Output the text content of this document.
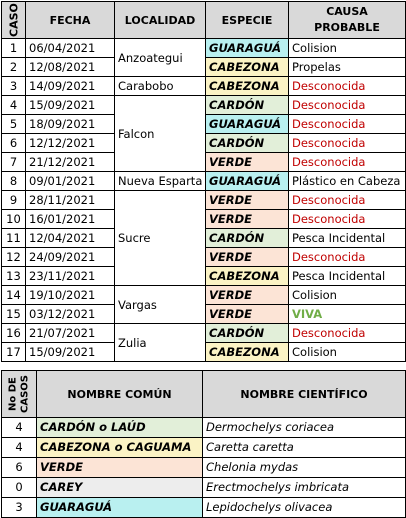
CASO	FECHA	LOCALIDAD	ESPECIE	CAUSA PROBABLE
1	06/04/2021	Anzoategui	GUARAGUÁ	Colision
2	12/08/2021		CABEZONA	Propelas
3	14/09/2021	Carabobo	CABEZONA	Desconocida
4	15/09/2021	Falcon	CARDÓN	Desconocida
5	18/09/2021		GUARAGUÁ	Desconocida
6	12/12/2021		CARDÓN	Desconocida
7	21/12/2021		VERDE	Desconocida
8	09/01/2021	Nueva Esparta	GUARAGUÁ	Plástico en Cabeza
9	28/11/2021	Sucre	VERDE	Desconocida
10	16/01/2021		VERDE	Desconocida
11	12/04/2021		CARDÓN	Pesca Incidental
12	24/09/2021		VERDE	Desconocida
13	23/11/2021		CABEZONA	Pesca Incidental
14	19/10/2021	Vargas	VERDE	Colision
15	03/12/2021		VERDE	VIVA
16	21/07/2021	Zulia	CARDÓN	Desconocida
17	15/09/2021		CABEZONA	Colision
No DE CASOS	NOMBRE COMÚN	NOMBRE CIENTÍFICO
4	CARDÓN o LAÚD	Dermochelys coriacea
4	CABEZONA o CAGUAMA	Caretta caretta
6	VERDE	Chelonia mydas
0	CAREY	Erectmochelys imbricata
3	GUARAGUÁ	Lepidochelys olivacea
